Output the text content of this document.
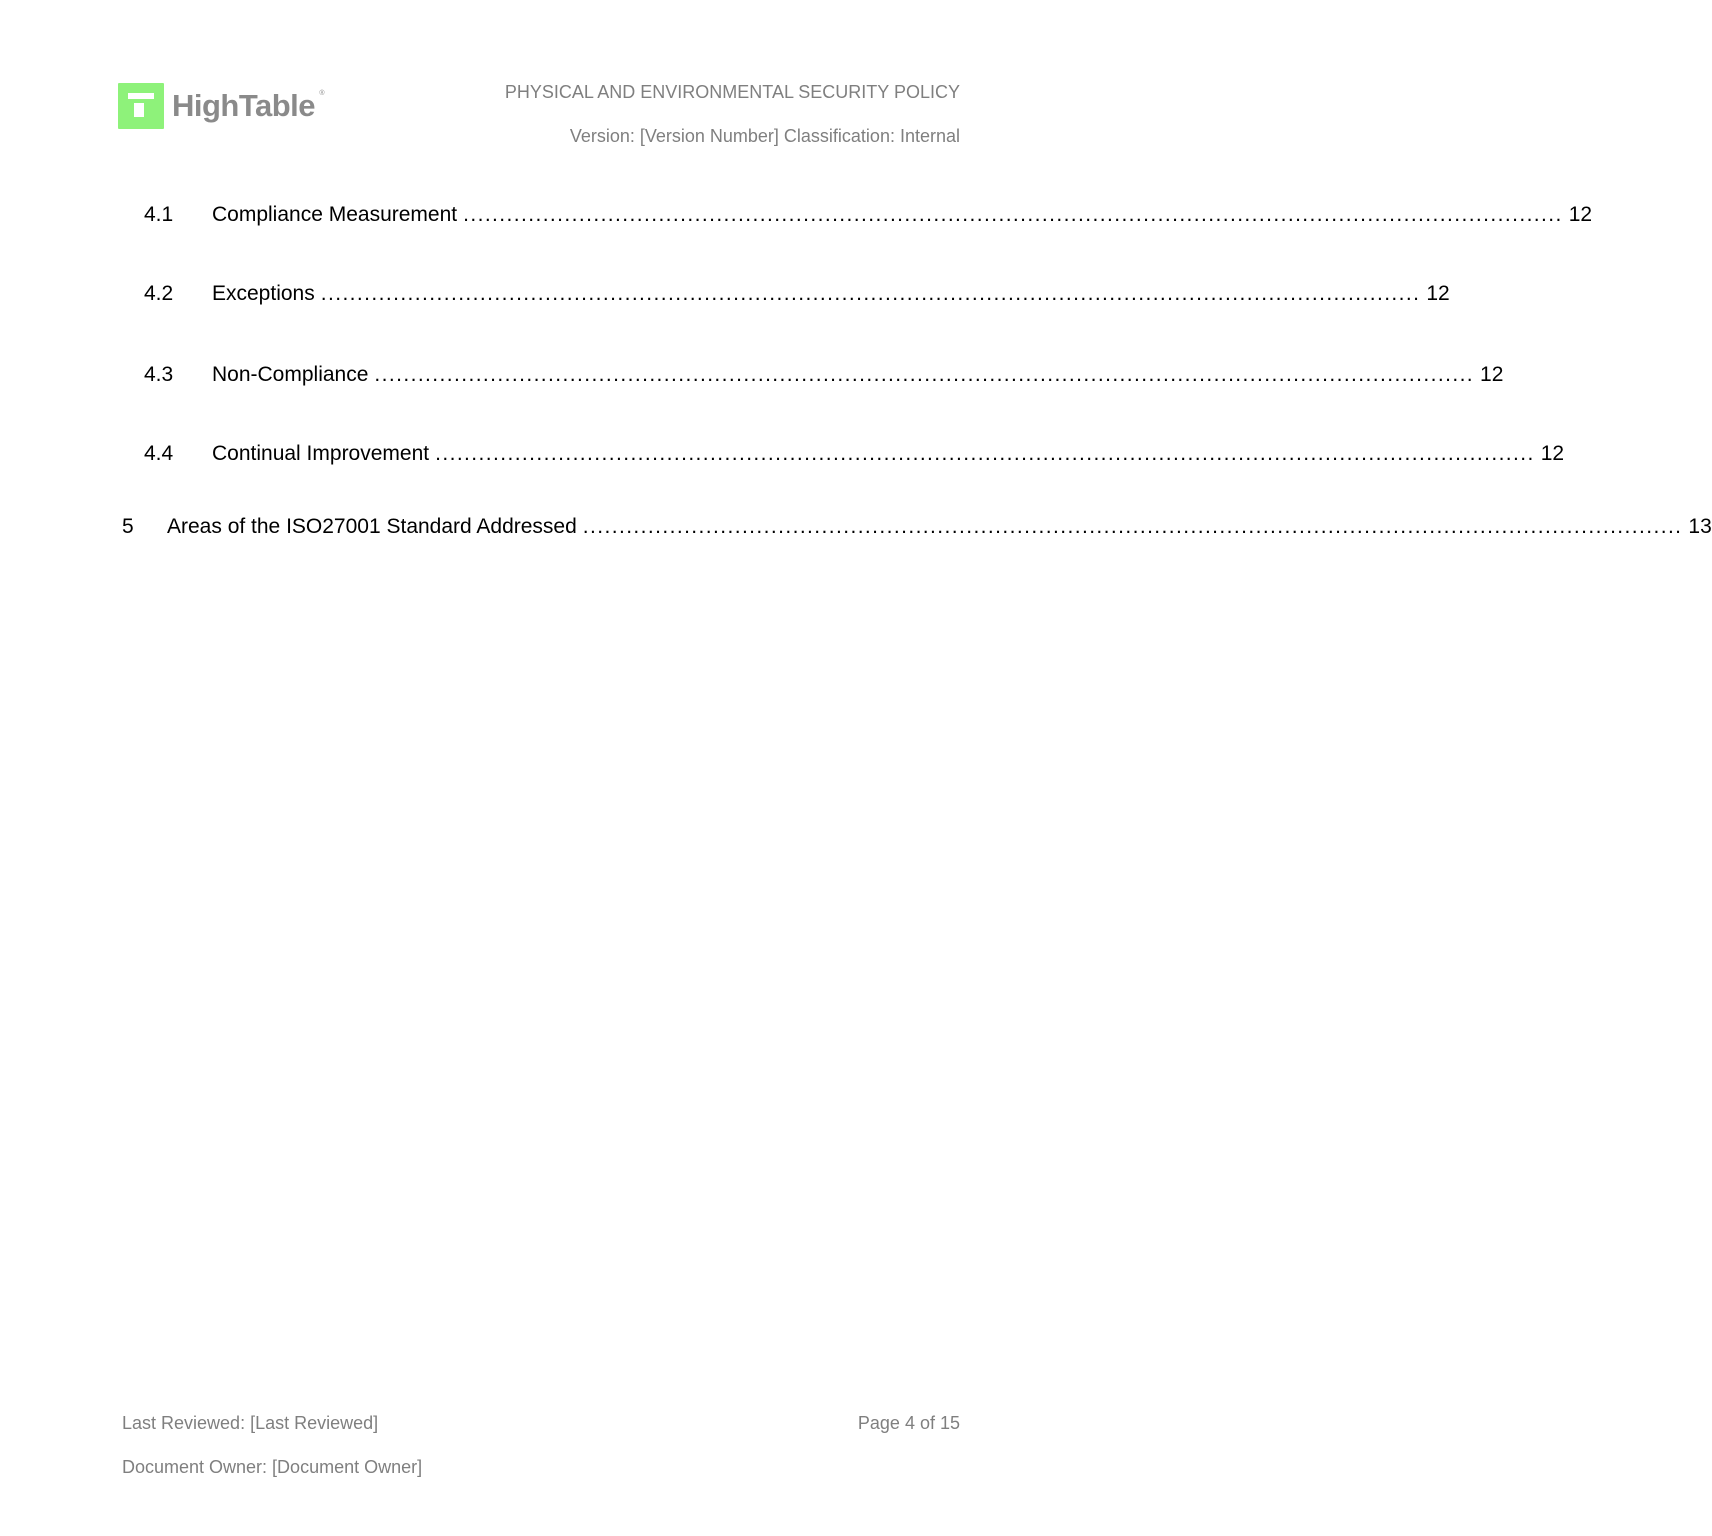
HighTable ®	PHYSICAL AND ENVIRONMENTAL SECURITY POLICY
Version: [Version Number] Classification: Internal
4.1 Compliance Measurement ........................................................................................................................................................ 12
4.2 Exceptions ........................................................................................................................................................ 12
4.3 Non-Compliance ........................................................................................................................................................ 12
4.4 Continual Improvement ........................................................................................................................................................ 12
5 Areas of the ISO27001 Standard Addressed ........................................................................................................................................................ 13
Last Reviewed: [Last Reviewed]
Document Owner: [Document Owner]
Page 4 of 15
